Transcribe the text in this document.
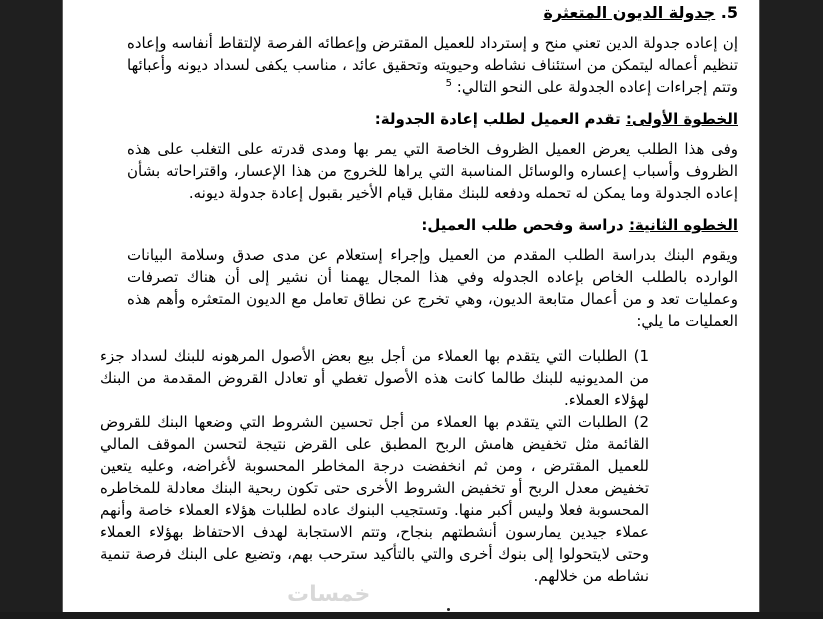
خمسات
5. جدولة الديون المتعثرة

إن إعاده جدولة الدين تعني منح و إسترداد للعميل المقترض وإعطائه الفرصة لإلتقاط أنفاسه وإعاده تنظيم أعماله ليتمكن من استئناف نشاطه وحيويته وتحقيق عائد ، مناسب يكفى لسداد ديونه وأعبائها وتتم إجراءات إعاده الجدولة على النحو التالي: $^5$

الخطوة الأولى: تقدم العميل لطلب إعادة الجدولة:

وفى هذا الطلب يعرض العميل الظروف الخاصة التي يمر بها ومدى قدرته على التغلب على هذه الظروف وأسباب إعساره والوسائل المناسبة التي يراها للخروج من هذا الإعسار، واقتراحاته بشأن إعاده الجدولة وما يمكن له تحمله ودفعه للبنك مقابل قيام الأخير بقبول إعادة جدولة ديونه.

الخطوه الثانية: دراسة وفحص طلب العميل:

ويقوم البنك بدراسة الطلب المقدم من العميل وإجراء إستعلام عن مدى صدق وسلامة البيانات الوارده بالطلب الخاص بإعاده الجدوله وفي هذا المجال يهمنا أن نشير إلى أن هناك تصرفات وعمليات تعد و من أعمال متابعة الديون، وهي تخرج عن نطاق تعامل مع الديون المتعثره وأهم هذه العمليات ما يلي:

1) الطلبات التي يتقدم بها العملاء من أجل بيع بعض الأصول المرهونه للبنك لسداد جزء من المديونيه للبنك طالما كانت هذه الأصول تغطي أو تعادل القروض المقدمة من البنك لهؤلاء العملاء.
2) الطلبات التي يتقدم بها العملاء من أجل تحسين الشروط التي وضعها البنك للقروض القائمة مثل تخفيض هامش الربح المطبق على القرض نتيجة لتحسن الموقف المالي للعميل المقترض ، ومن ثم انخفضت درجة المخاطر المحسوبة لأغراضه، وعليه يتعين تخفيض معدل الربح أو تخفيض الشروط الأخرى حتى تكون ربحية البنك معادلة للمخاطره المحسوبة فعلا وليس أكبر منها. وتستجيب البنوك عاده لطلبات هؤلاء العملاء خاصة وأنهم عملاء جيدين يمارسون أنشطتهم بنجاح، وتتم الاستجابة لهدف الاحتفاظ بهؤلاء العملاء وحتى لايتحولوا إلى بنوك أخرى والتي بالتأكيد سترحب بهم، وتضيع على البنك فرصة تنمية نشاطه من خلالهم.
